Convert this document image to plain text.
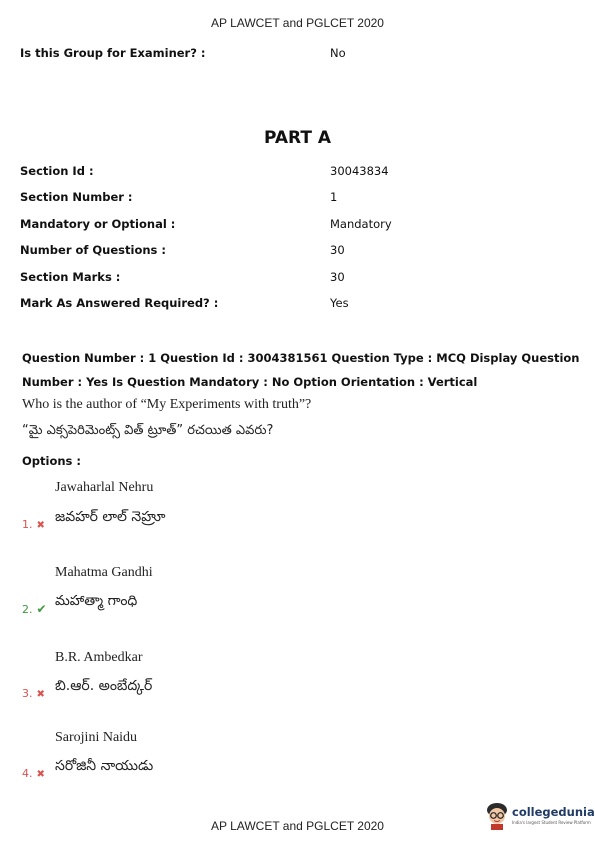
AP LAWCET and PGLCET 2020
Is this Group for Examiner? :	No
PART A
Section Id :	30043834
Section Number :	1
Mandatory or Optional :	Mandatory
Number of Questions :	30
Section Marks :	30
Mark As Answered Required? :	Yes
Question Number : 1 Question Id : 3004381561 Question Type : MCQ Display Question
Number : Yes Is Question Mandatory : No Option Orientation : Vertical
Who is the author of “My Experiments with truth”?
“మై ఎక్సపెరిమెంట్స్ విత్ ట్రూత్” రచయిత ఎవరు?
Options :
Jawaharlal Nehru
1. ✖
జవహర్ లాల్ నెహ్రూ
Mahatma Gandhi
2. ✔ మహాత్మా గాంధి
B.R. Ambedkar
3. ✖
బి.ఆర్. అంబేద్కర్
Sarojini Naidu
4. ✖
సరోజినీ నాయుడు
AP LAWCET and PGLCET 2020
collegedunia
India's largest Student Review Platform
